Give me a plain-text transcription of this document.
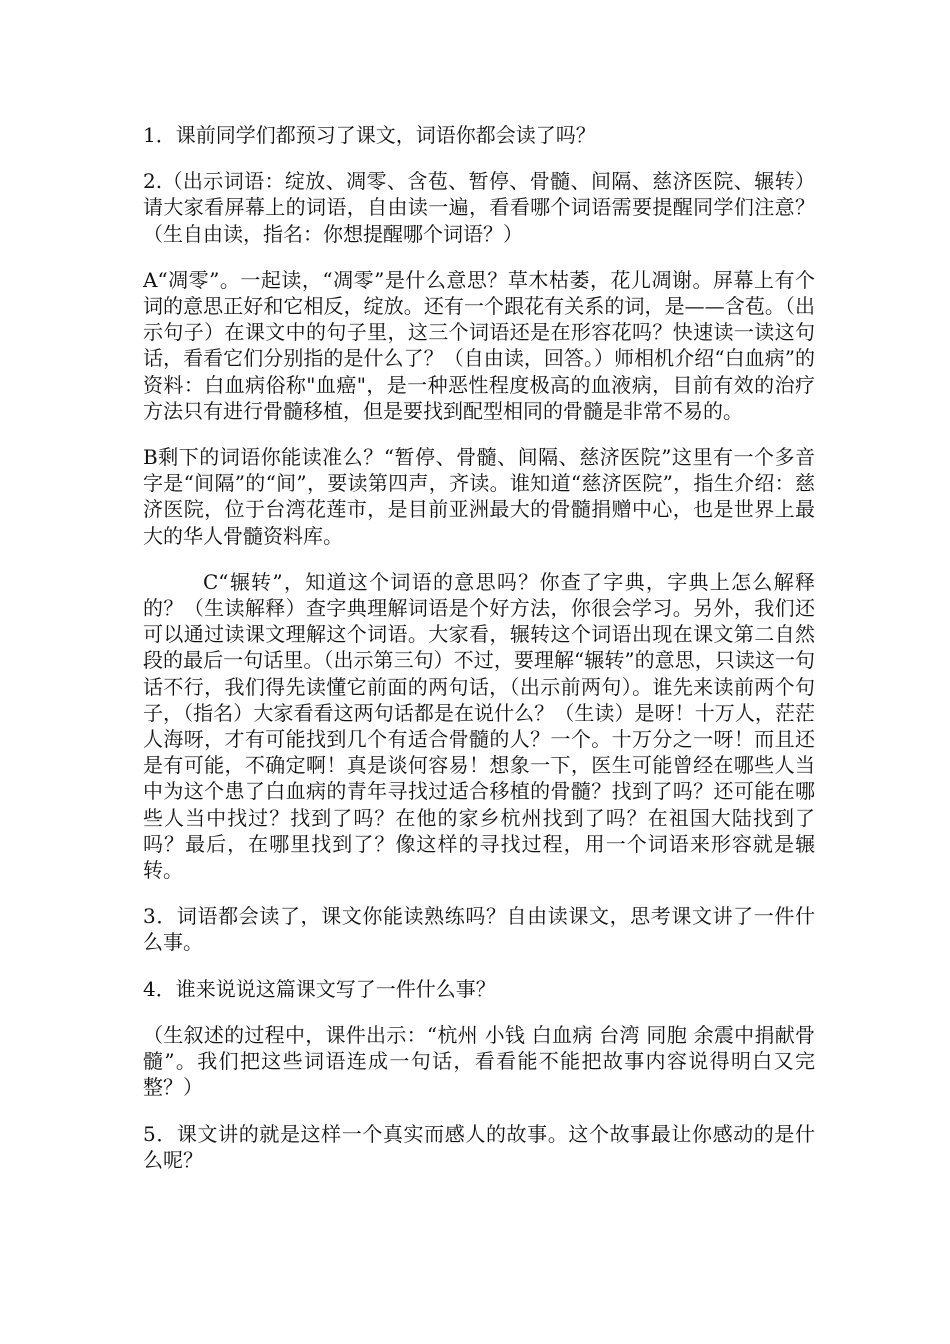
1．课前同学们都预习了课文，词语你都会读了吗？

2.（出示词语：绽放、凋零、含苞、暂停、骨髓、间隔、慈济医院、辗转）请大家看屏幕上的词语，自由读一遍，看看哪个词语需要提醒同学们注意？（生自由读，指名：你想提醒哪个词语？）

A“凋零”。一起读，“凋零”是什么意思？草木枯萎，花儿凋谢。屏幕上有个词的意思正好和它相反，绽放。还有一个跟花有关系的词，是——含苞。（出示句子）在课文中的句子里，这三个词语还是在形容花吗？快速读一读这句话，看看它们分别指的是什么了？（自由读，回答。）师相机介绍“白血病”的资料：白血病俗称"血癌"，是一种恶性程度极高的血液病，目前有效的治疗方法只有进行骨髓移植，但是要找到配型相同的骨髓是非常不易的。

B剩下的词语你能读准么？“暂停、骨髓、间隔、慈济医院”这里有一个多音字是“间隔”的“间”，要读第四声，齐读。谁知道“慈济医院”，指生介绍：慈济医院，位于台湾花莲市，是目前亚洲最大的骨髓捐赠中心，也是世界上最大的华人骨髓资料库。

C“辗转”，知道这个词语的意思吗？你查了字典，字典上怎么解释的？（生读解释）查字典理解词语是个好方法，你很会学习。另外，我们还可以通过读课文理解这个词语。大家看，辗转这个词语出现在课文第二自然段的最后一句话里。（出示第三句）不过，要理解“辗转”的意思，只读这一句话不行，我们得先读懂它前面的两句话，（出示前两句）。谁先来读前两个句子，（指名）大家看看这两句话都是在说什么？（生读）是呀！十万人，茫茫人海呀，才有可能找到几个有适合骨髓的人？一个。十万分之一呀！而且还是有可能，不确定啊！真是谈何容易！想象一下，医生可能曾经在哪些人当中为这个患了白血病的青年寻找过适合移植的骨髓？找到了吗？还可能在哪些人当中找过？找到了吗？在他的家乡杭州找到了吗？在祖国大陆找到了吗？最后，在哪里找到了？像这样的寻找过程，用一个词语来形容就是辗转。

3．词语都会读了，课文你能读熟练吗？自由读课文，思考课文讲了一件什么事。

4．谁来说说这篇课文写了一件什么事？

（生叙述的过程中，课件出示：“杭州 小钱 白血病 台湾 同胞 余震中捐献骨髓”。我们把这些词语连成一句话，看看能不能把故事内容说得明白又完整？）

5．课文讲的就是这样一个真实而感人的故事。这个故事最让你感动的是什么呢？
